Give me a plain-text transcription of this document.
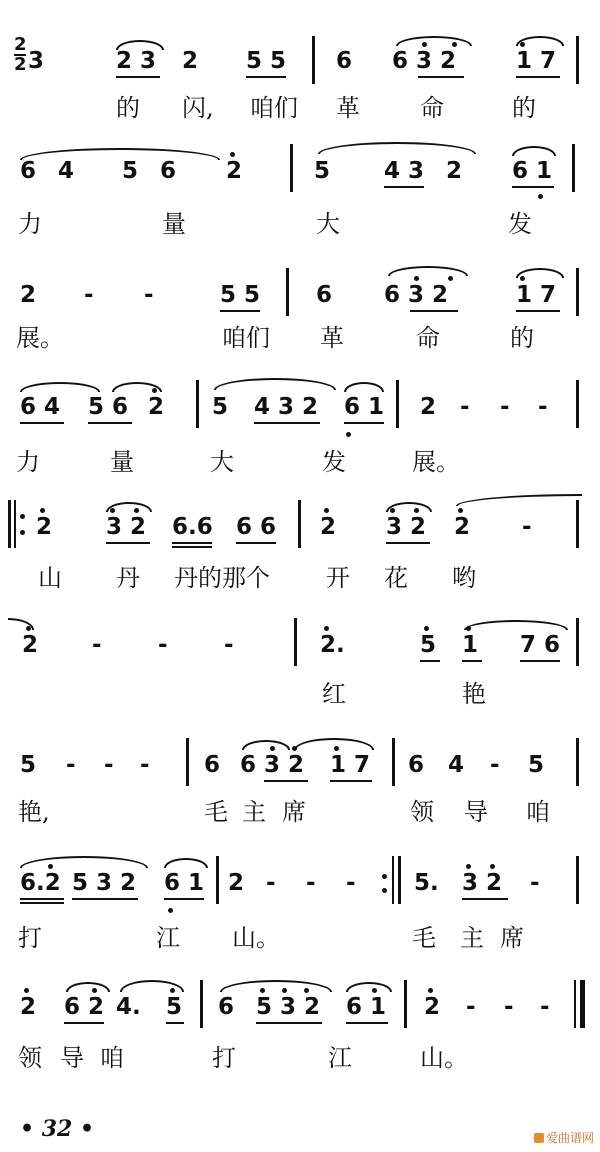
2
2 3	2 3 2 5 5 6 6 3 2	1 7
的 闪, 咱们 革	命	的
6 4 5 6 2	5 4 3 2 6 1
力	量	大	发
2 - -	5 5 6 6 3 2	1 7
展。	咱们 革	命	的
6 4 5 6 2 5 4 3 2 6 1 2 - - -
力	量	大	发	展。
2 3 2 6.6 6 6 2 3 2 2 -
山 丹 丹的那个 开 花 哟
2 - - -	2.	5 1 7 6
红	艳
5 - - - 6 6 3 2 1 7 6 4 - 5
艳,	毛 主 席	领 导 咱
6.2 5 3 2 6 1 2 - - -	5. 3 2 -
打	江 山。	毛 主 席
2 6 2 4. 5 6 5 3 2 6 1 2 - - -
领 导 咱	打	江	山。
• 32 •	爱曲谱网
